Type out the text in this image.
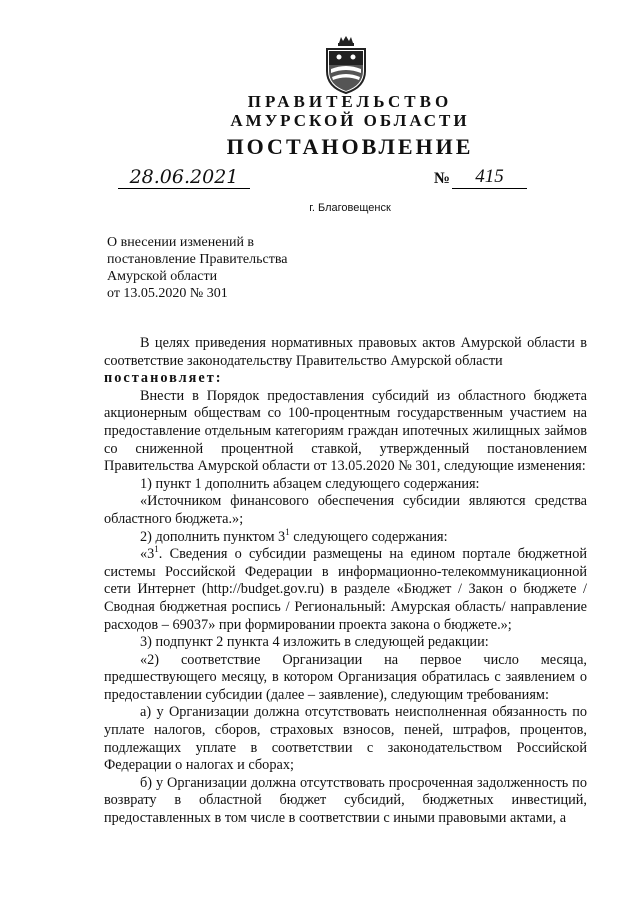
ПРАВИТЕЛЬСТВО
АМУРСКОЙ ОБЛАСТИ
ПОСТАНОВЛЕНИЕ
28.06.2021	№	415
г. Благовещенск
О внесении изменений в
постановление Правительства
Амурской области
от 13.05.2020 № 301

В целях приведения нормативных правовых актов Амурской области в соответствие законодательству Правительство Амурской области

постановляет:

Внести в Порядок предоставления субсидий из областного бюджета акционерным обществам со 100-процентным государственным участием на предоставление отдельным категориям граждан ипотечных жилищных займов со сниженной процентной ставкой, утвержденный постановлением Правительства Амурской области от 13.05.2020 № 301, следующие изменения:

1) пункт 1 дополнить абзацем следующего содержания:

«Источником финансового обеспечения субсидии являются средства областного бюджета.»;

2) дополнить пунктом $3^1$ следующего содержания:

«$3^1$. Сведения о субсидии размещены на едином портале бюджетной системы Российской Федерации в информационно-телекоммуникационной сети Интернет (http://budget.gov.ru) в разделе «Бюджет / Закон о бюджете / Сводная бюджетная роспись / Региональный: Амурская область/ направление расходов – 69037» при формировании проекта закона о бюджете.»;

3) подпункт 2 пункта 4 изложить в следующей редакции:

«2) соответствие Организации на первое число месяца, предшествующего месяцу, в котором Организация обратилась с заявлением о предоставлении субсидии (далее – заявление), следующим требованиям:

а) у Организации должна отсутствовать неисполненная обязанность по уплате налогов, сборов, страховых взносов, пеней, штрафов, процентов, подлежащих уплате в соответствии с законодательством Российской Федерации о налогах и сборах;

б) у Организации должна отсутствовать просроченная задолженность по возврату в областной бюджет субсидий, бюджетных инвестиций, предоставленных в том числе в соответствии с иными правовыми актами, а
